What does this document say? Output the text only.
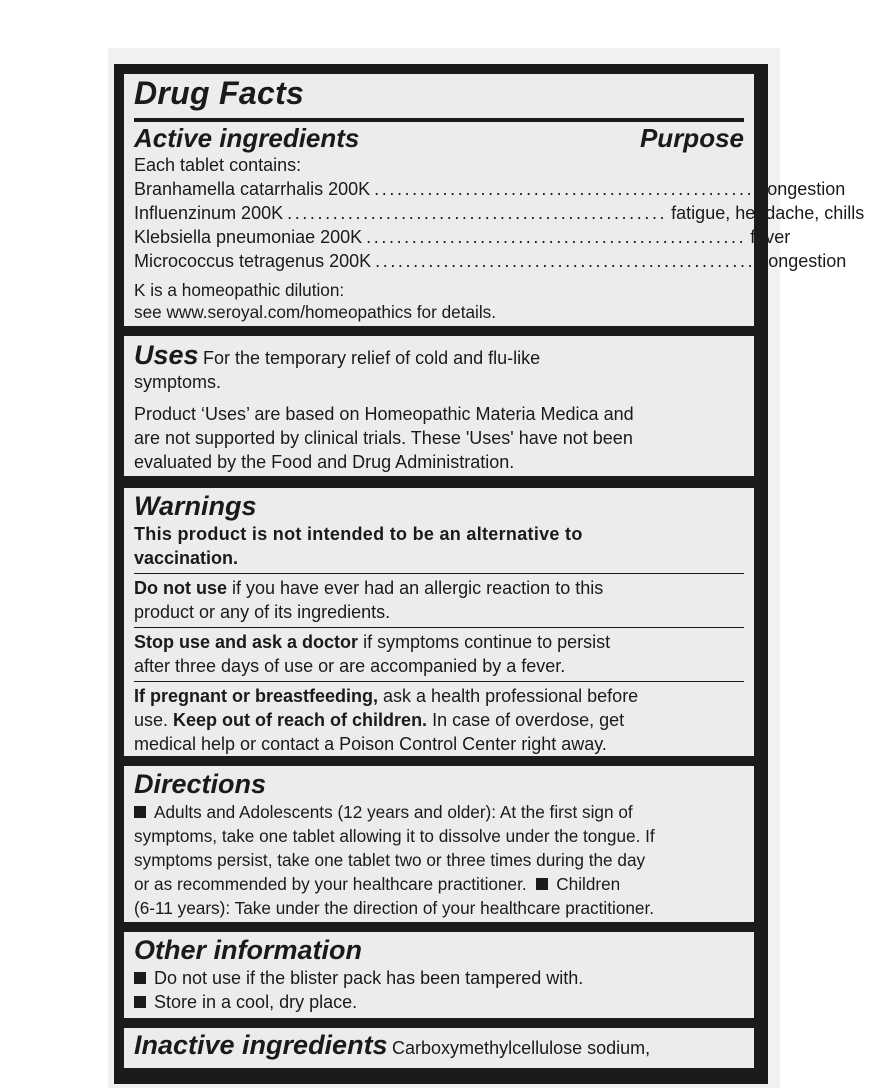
Drug Facts
Active ingredients	Purpose
Each tablet contains:
Branhamella catarrhalis 200K .................................................. congestion
Influenzinum 200K .................................................. fatigue, headache, chills
Klebsiella pneumoniae 200K .................................................. fever
Micrococcus tetragenus 200K .................................................. congestion
K is a homeopathic dilution:
see www.seroyal.com/homeopathics for details.
Uses For the temporary relief of cold and flu-like
symptoms.
Product ‘Uses’ are based on Homeopathic Materia Medica and
are not supported by clinical trials. These 'Uses' have not been
evaluated by the Food and Drug Administration.
Warnings
This product is not intended to be an alternative to
vaccination.
Do not use if you have ever had an allergic reaction to this
product or any of its ingredients.
Stop use and ask a doctor if symptoms continue to persist
after three days of use or are accompanied by a fever.
If pregnant or breastfeeding, ask a health professional before
use. Keep out of reach of children. In case of overdose, get
medical help or contact a Poison Control Center right away.
Directions
Adults and Adolescents (12 years and older): At the first sign of
symptoms, take one tablet allowing it to dissolve under the tongue. If
symptoms persist, take one tablet two or three times during the day
or as recommended by your healthcare practitioner. Children
(6-11 years): Take under the direction of your healthcare practitioner.
Other information
Do not use if the blister pack has been tampered with.
Store in a cool, dry place.
Inactive ingredients Carboxymethylcellulose sodium,
